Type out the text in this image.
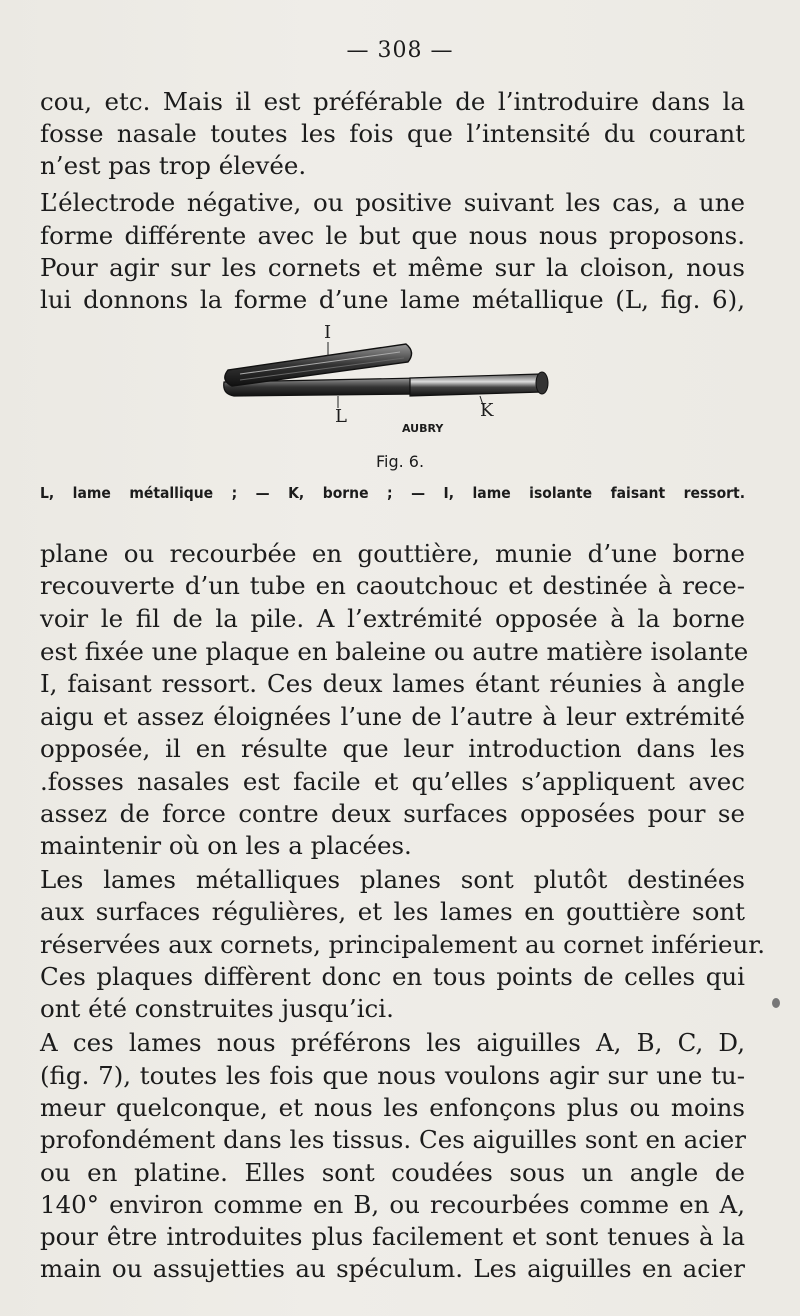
— 308 —
cou, etc. Mais il est préférable de l’introduire dans la
fosse nasale toutes les fois que l’intensité du courant
n’est pas trop élevée.
L’électrode négative, ou positive suivant les cas, a une
forme différente avec le but que nous nous proposons.
Pour agir sur les cornets et même sur la cloison, nous
lui donnons la forme d’une lame métallique (L, fig. 6),
I
L	K
AUBRY
Fig. 6.
L, lame métallique ; — K, borne ; — I, lame isolante faisant ressort.
plane ou recourbée en gouttière, munie d’une borne
recouverte d’un tube en caoutchouc et destinée à rece-
voir le fil de la pile. A l’extrémité opposée à la borne
est fixée une plaque en baleine ou autre matière isolante
I, faisant ressort. Ces deux lames étant réunies à angle
aigu et assez éloignées l’une de l’autre à leur extrémité
opposée, il en résulte que leur introduction dans les
.fosses nasales est facile et qu’elles s’appliquent avec
assez de force contre deux surfaces opposées pour se
maintenir où on les a placées.
Les lames métalliques planes sont plutôt destinées
aux surfaces régulières, et les lames en gouttière sont
réservées aux cornets, principalement au cornet inférieur.
Ces plaques diffèrent donc en tous points de celles qui
ont été construites jusqu’ici.
A ces lames nous préférons les aiguilles A, B, C, D,
(fig. 7), toutes les fois que nous voulons agir sur une tu-
meur quelconque, et nous les enfonçons plus ou moins
profondément dans les tissus. Ces aiguilles sont en acier
ou en platine. Elles sont coudées sous un angle de
140° environ comme en B, ou recourbées comme en A,
pour être introduites plus facilement et sont tenues à la
main ou assujetties au spéculum. Les aiguilles en acier
